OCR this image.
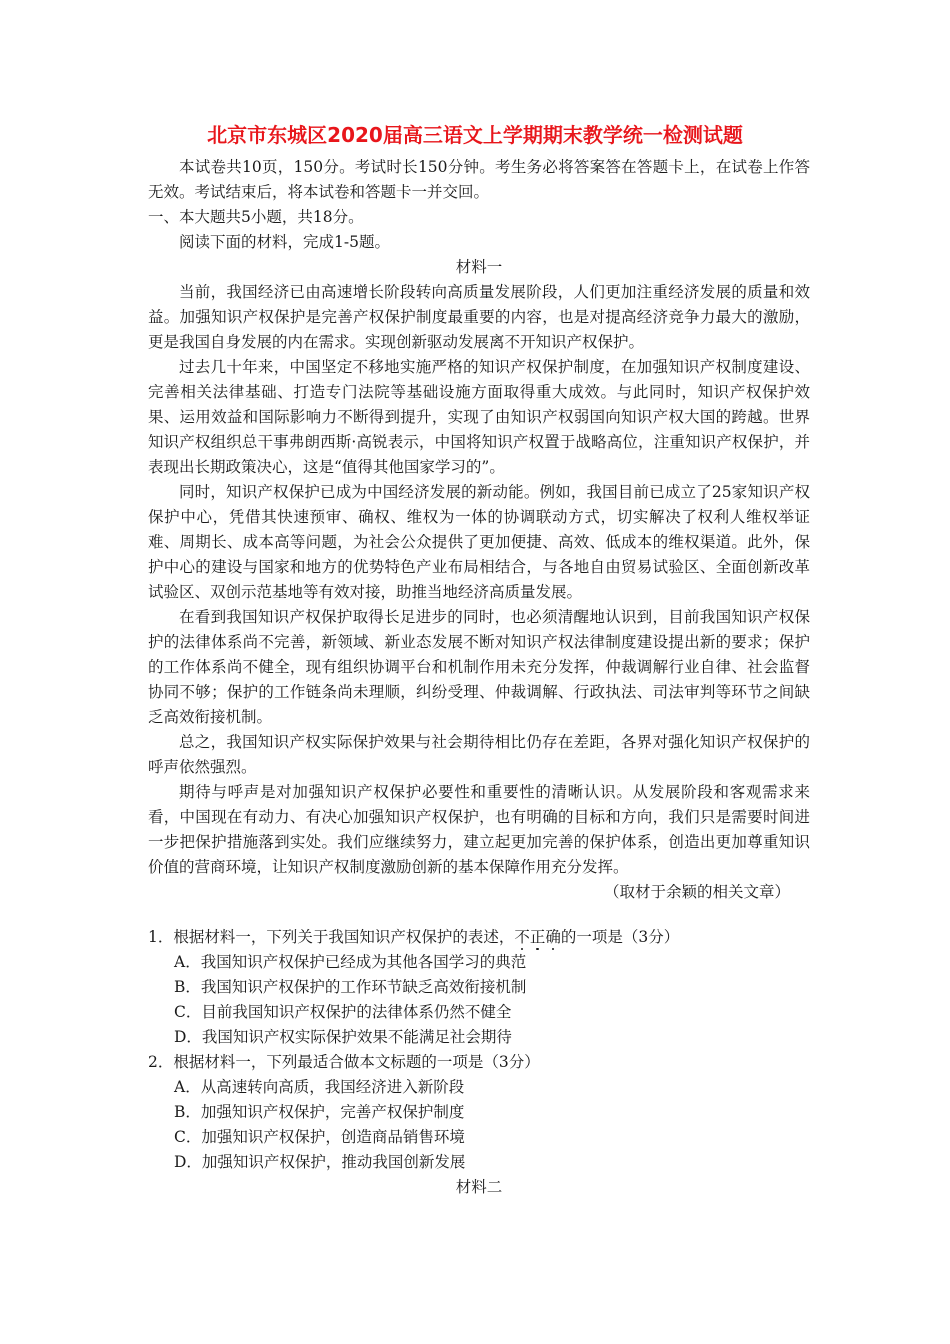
北京市东城区2020届高三语文上学期期末教学统一检测试题

本试卷共10页，150分。考试时长150分钟。考生务必将答案答在答题卡上，在试卷上作答无效。考试结束后，将本试卷和答题卡一并交回。

一、本大题共5小题，共18分。

阅读下面的材料，完成1-5题。

材料一

当前，我国经济已由高速增长阶段转向高质量发展阶段，人们更加注重经济发展的质量和效益。加强知识产权保护是完善产权保护制度最重要的内容，也是对提高经济竞争力最大的激励，更是我国自身发展的内在需求。实现创新驱动发展离不开知识产权保护。

过去几十年来，中国坚定不移地实施严格的知识产权保护制度，在加强知识产权制度建设、完善相关法律基础、打造专门法院等基础设施方面取得重大成效。与此同时，知识产权保护效果、运用效益和国际影响力不断得到提升，实现了由知识产权弱国向知识产权大国的跨越。世界知识产权组织总干事弗朗西斯·高锐表示，中国将知识产权置于战略高位，注重知识产权保护，并表现出长期政策决心，这是“值得其他国家学习的”。

同时，知识产权保护已成为中国经济发展的新动能。例如，我国目前已成立了25家知识产权保护中心，凭借其快速预审、确权、维权为一体的协调联动方式，切实解决了权利人维权举证难、周期长、成本高等问题，为社会公众提供了更加便捷、高效、低成本的维权渠道。此外，保护中心的建设与国家和地方的优势特色产业布局相结合，与各地自由贸易试验区、全面创新改革试验区、双创示范基地等有效对接，助推当地经济高质量发展。

在看到我国知识产权保护取得长足进步的同时，也必须清醒地认识到，目前我国知识产权保护的法律体系尚不完善，新领域、新业态发展不断对知识产权法律制度建设提出新的要求；保护的工作体系尚不健全，现有组织协调平台和机制作用未充分发挥，仲裁调解行业自律、社会监督协同不够；保护的工作链条尚未理顺，纠纷受理、仲裁调解、行政执法、司法审判等环节之间缺乏高效衔接机制。

总之，我国知识产权实际保护效果与社会期待相比仍存在差距，各界对强化知识产权保护的呼声依然强烈。

期待与呼声是对加强知识产权保护必要性和重要性的清晰认识。从发展阶段和客观需求来看，中国现在有动力、有决心加强知识产权保护，也有明确的目标和方向，我们只是需要时间进一步把保护措施落到实处。我们应继续努力，建立起更加完善的保护体系，创造出更加尊重知识价值的营商环境，让知识产权制度激励创新的基本保障作用充分发挥。

（取材于余颖的相关文章）

1．根据材料一，下列关于我国知识产权保护的表述，不正确的一项是（3分）

A．我国知识产权保护已经成为其他各国学习的典范

B．我国知识产权保护的工作环节缺乏高效衔接机制

C．目前我国知识产权保护的法律体系仍然不健全

D．我国知识产权实际保护效果不能满足社会期待

2．根据材料一，下列最适合做本文标题的一项是（3分）

A．从高速转向高质，我国经济进入新阶段

B．加强知识产权保护，完善产权保护制度

C．加强知识产权保护，创造商品销售环境

D．加强知识产权保护，推动我国创新发展

材料二
